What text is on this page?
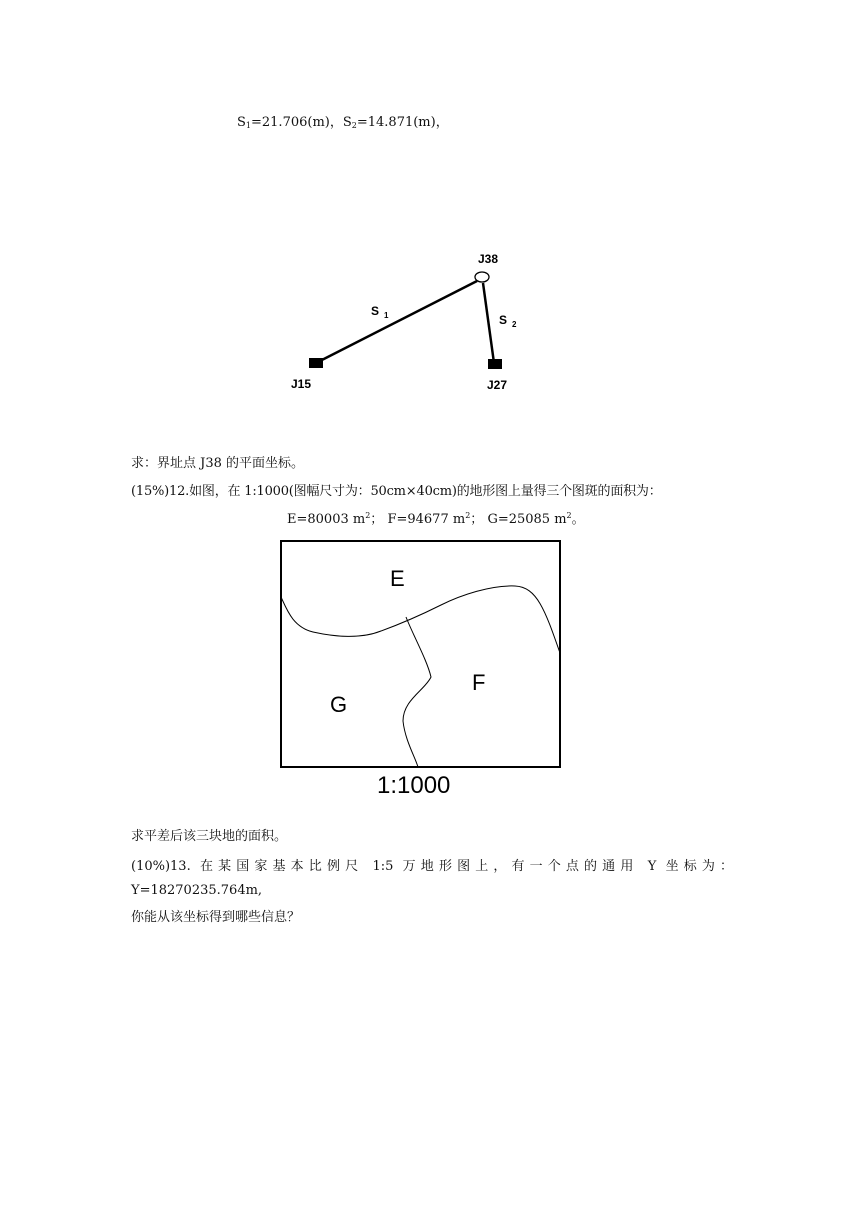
$S_1=21.706(m)$，$S_2=14.871(m)$，
J38
J15	J27
S 1	S 2
求：界址点 J38 的平面坐标。
(15%)12.如图，在 1:1000(图幅尺寸为：50cm×40cm)的地形图上量得三个图斑的面积为：
E=80003 $m^2$； F=94677 $m^2$； G=25085 $m^2$。
E
F
G
1:1000
求平差后该三块地的面积。
(10%)13. 在某国家基本比例尺 1:5 万地形图上，有一个点的通用 Y 坐标为：
Y=18270235.764m,
你能从该坐标得到哪些信息？
